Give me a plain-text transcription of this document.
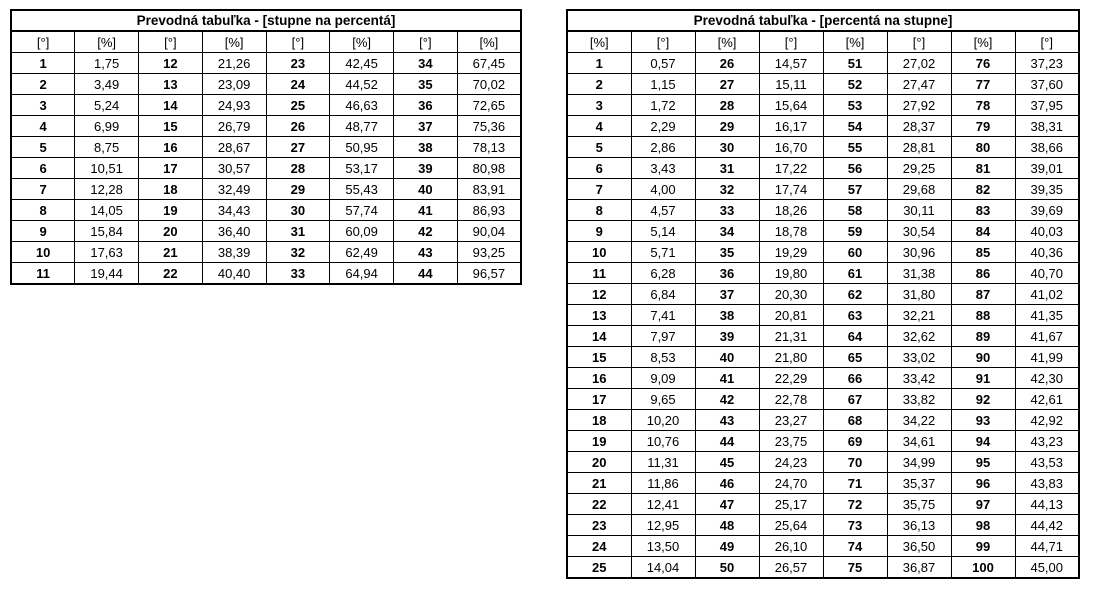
Prevodná tabuľka - [stupne na percentá]							
[°]	[%]	[°]	[%]	[°]	[%]	[°]	[%]
1	1,75	12	21,26	23	42,45	34	67,45
2	3,49	13	23,09	24	44,52	35	70,02
3	5,24	14	24,93	25	46,63	36	72,65
4	6,99	15	26,79	26	48,77	37	75,36
5	8,75	16	28,67	27	50,95	38	78,13
6	10,51	17	30,57	28	53,17	39	80,98
7	12,28	18	32,49	29	55,43	40	83,91
8	14,05	19	34,43	30	57,74	41	86,93
9	15,84	20	36,40	31	60,09	42	90,04
10	17,63	21	38,39	32	62,49	43	93,25
11	19,44	22	40,40	33	64,94	44	96,57
Prevodná tabuľka - [percentá na stupne]							
[%]	[°]	[%]	[°]	[%]	[°]	[%]	[°]
1	0,57	26	14,57	51	27,02	76	37,23
2	1,15	27	15,11	52	27,47	77	37,60
3	1,72	28	15,64	53	27,92	78	37,95
4	2,29	29	16,17	54	28,37	79	38,31
5	2,86	30	16,70	55	28,81	80	38,66
6	3,43	31	17,22	56	29,25	81	39,01
7	4,00	32	17,74	57	29,68	82	39,35
8	4,57	33	18,26	58	30,11	83	39,69
9	5,14	34	18,78	59	30,54	84	40,03
10	5,71	35	19,29	60	30,96	85	40,36
11	6,28	36	19,80	61	31,38	86	40,70
12	6,84	37	20,30	62	31,80	87	41,02
13	7,41	38	20,81	63	32,21	88	41,35
14	7,97	39	21,31	64	32,62	89	41,67
15	8,53	40	21,80	65	33,02	90	41,99
16	9,09	41	22,29	66	33,42	91	42,30
17	9,65	42	22,78	67	33,82	92	42,61
18	10,20	43	23,27	68	34,22	93	42,92
19	10,76	44	23,75	69	34,61	94	43,23
20	11,31	45	24,23	70	34,99	95	43,53
21	11,86	46	24,70	71	35,37	96	43,83
22	12,41	47	25,17	72	35,75	97	44,13
23	12,95	48	25,64	73	36,13	98	44,42
24	13,50	49	26,10	74	36,50	99	44,71
25	14,04	50	26,57	75	36,87	100	45,00
